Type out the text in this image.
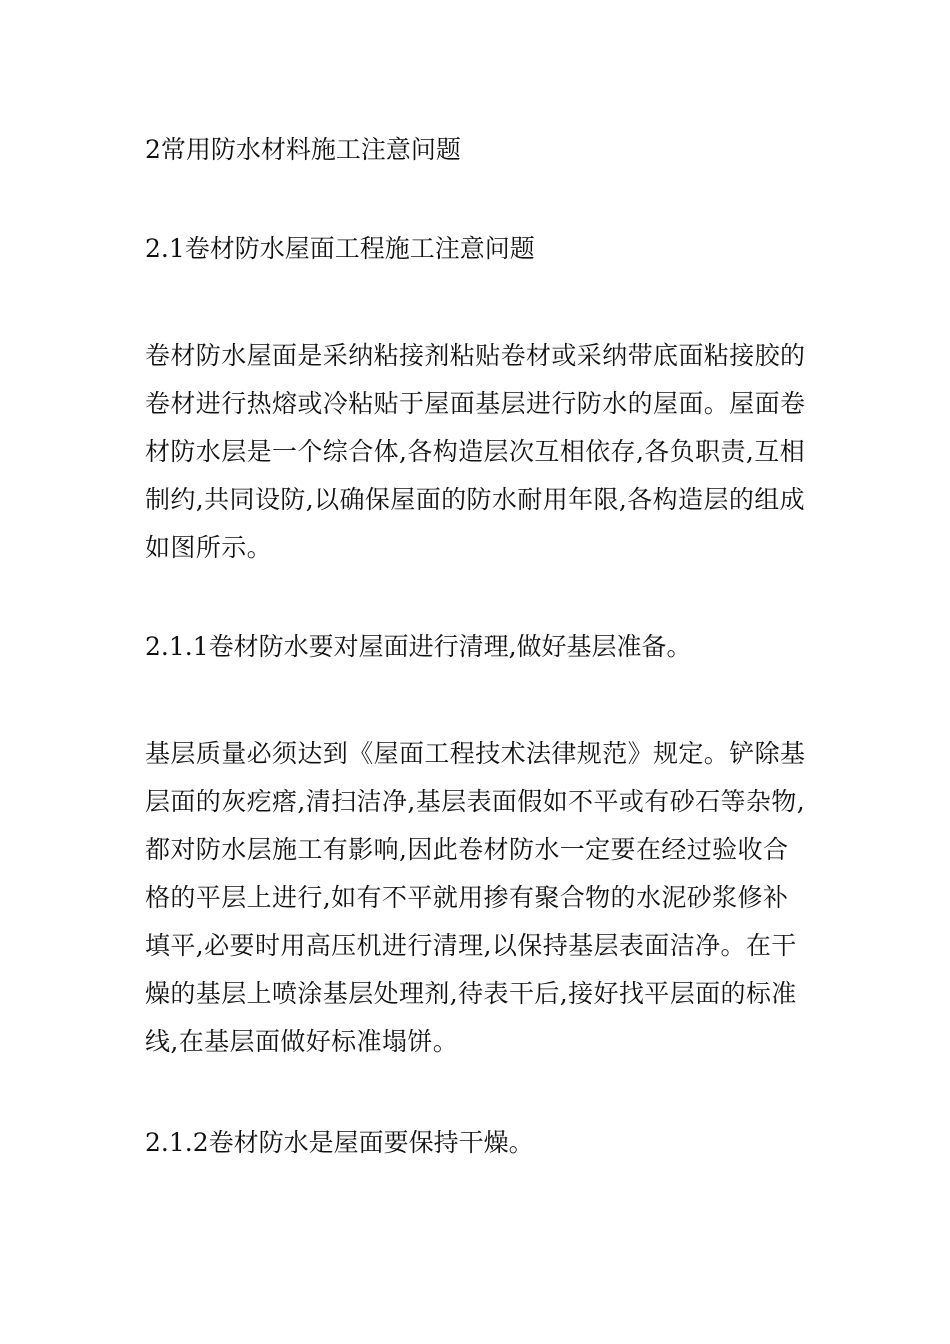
2常用防水材料施工注意问题

2.1卷材防水屋面工程施工注意问题

卷材防水屋面是采纳粘接剂粘贴卷材或采纳带底面粘接胶的卷材进行热熔或冷粘贴于屋面基层进行防水的屋面。屋面卷材防水层是一个综合体,各构造层次互相依存,各负职责,互相制约,共同设防,以确保屋面的防水耐用年限,各构造层的组成如图所示。

2.1.1卷材防水要对屋面进行清理,做好基层准备。

基层质量必须达到《屋面工程技术法律规范》规定。铲除基层面的灰疙瘩,清扫洁净,基层表面假如不平或有砂石等杂物,都对防水层施工有影响,因此卷材防水一定要在经过验收合格的平层上进行,如有不平就用掺有聚合物的水泥砂浆修补填平,必要时用高压机进行清理,以保持基层表面洁净。在干燥的基层上喷涂基层处理剂,待表干后,接好找平层面的标准线,在基层面做好标准塌饼。

2.1.2卷材防水是屋面要保持干燥。
